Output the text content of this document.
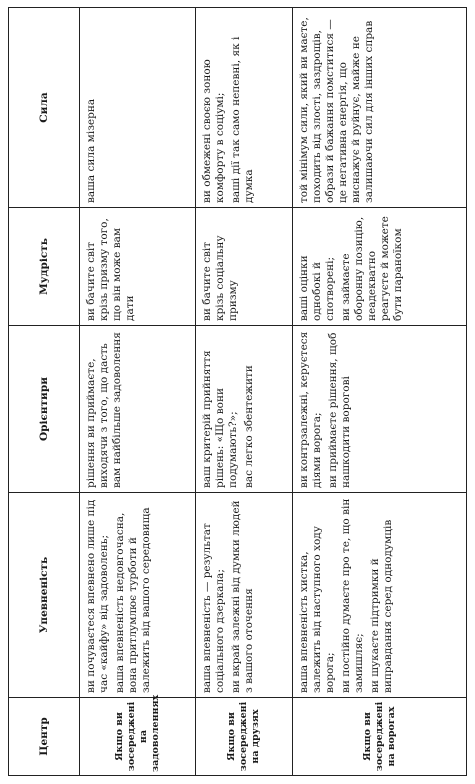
Центр	Упевненість	Орієнтири	Мудрість	Сила
Якщо ви зосереджені на задоволеннях	ви почуваєтеся впевнено лише під час «кайфу» від задоволень; ваша впевненість недовгочасна, вона притлумлює турботи й залежить від вашого середовища	рішення ви приймаєте, виходячи з того, що дасть вам найбільше задоволення	ви бачите світ крізь призму того, що він може вам дати	ваша сила мізерна

Якщо ви зосереджені на друзях	ваша впевненість — результат соціального дзеркала; ви вкрай залежні від думки людей з вашого оточення	ваш критерій прийняття рішень: «Що вони подумають?»; вас легко збентежити	ви бачите світ крізь соціальну призму	ви обмежені своєю зоною комфорту в соціумі; ваші дії так само непевні, як і думка

Якщо ви зосереджені на ворогах	ваша впевненість хистка, залежить від наступного ходу ворога; ви постійно думаєте про те, що він замишляє; ви шукаєте підтримки й виправдання серед однодумців	ви контрзалежні, керуєтеся діями ворога; ви приймаєте рішення, щоб нашкодити ворогові	ваші оцінки однобокі й спотворені; ви займаєте оборонну позицію, неадекватно реагуєте й можете бути параноїком	той мінімум сили, який ви маєте, походить від злості, заздрощів, образи й бажання помститися — це негативна енергія, що виснажує й руйнує, майже не залишаючи сил для інших справ
